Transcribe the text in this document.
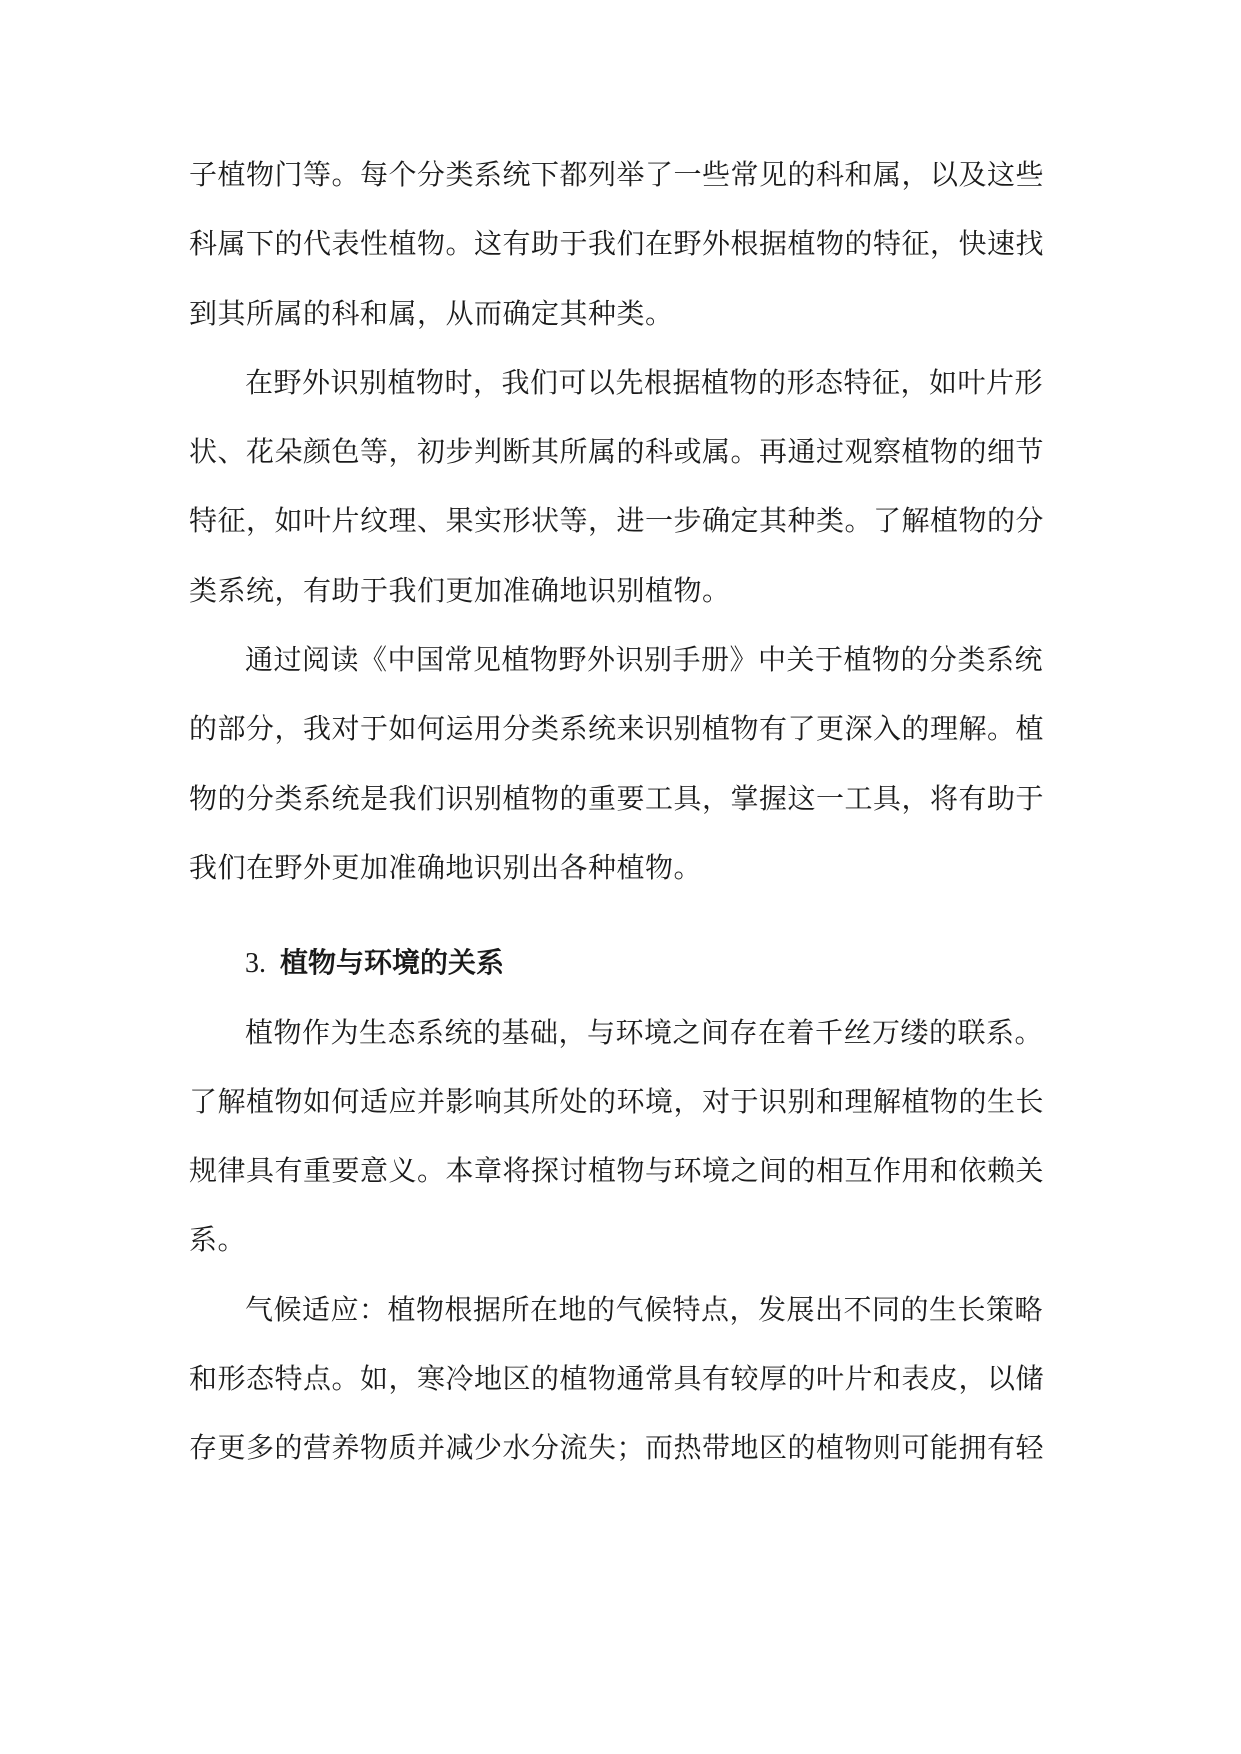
子植物门等。每个分类系统下都列举了一些常见的科和属，以及这些
科属下的代表性植物。这有助于我们在野外根据植物的特征，快速找
到其所属的科和属，从而确定其种类。
在野外识别植物时，我们可以先根据植物的形态特征，如叶片形
状、花朵颜色等，初步判断其所属的科或属。再通过观察植物的细节
特征，如叶片纹理、果实形状等，进一步确定其种类。了解植物的分
类系统，有助于我们更加准确地识别植物。
通过阅读《中国常见植物野外识别手册》中关于植物的分类系统
的部分，我对于如何运用分类系统来识别植物有了更深入的理解。植
物的分类系统是我们识别植物的重要工具，掌握这一工具，将有助于
我们在野外更加准确地识别出各种植物。
3. 植物与环境的关系
植物作为生态系统的基础，与环境之间存在着千丝万缕的联系。
了解植物如何适应并影响其所处的环境，对于识别和理解植物的生长
规律具有重要意义。本章将探讨植物与环境之间的相互作用和依赖关
系。
气候适应：植物根据所在地的气候特点，发展出不同的生长策略
和形态特点。如，寒冷地区的植物通常具有较厚的叶片和表皮，以储
存更多的营养物质并减少水分流失；而热带地区的植物则可能拥有轻
